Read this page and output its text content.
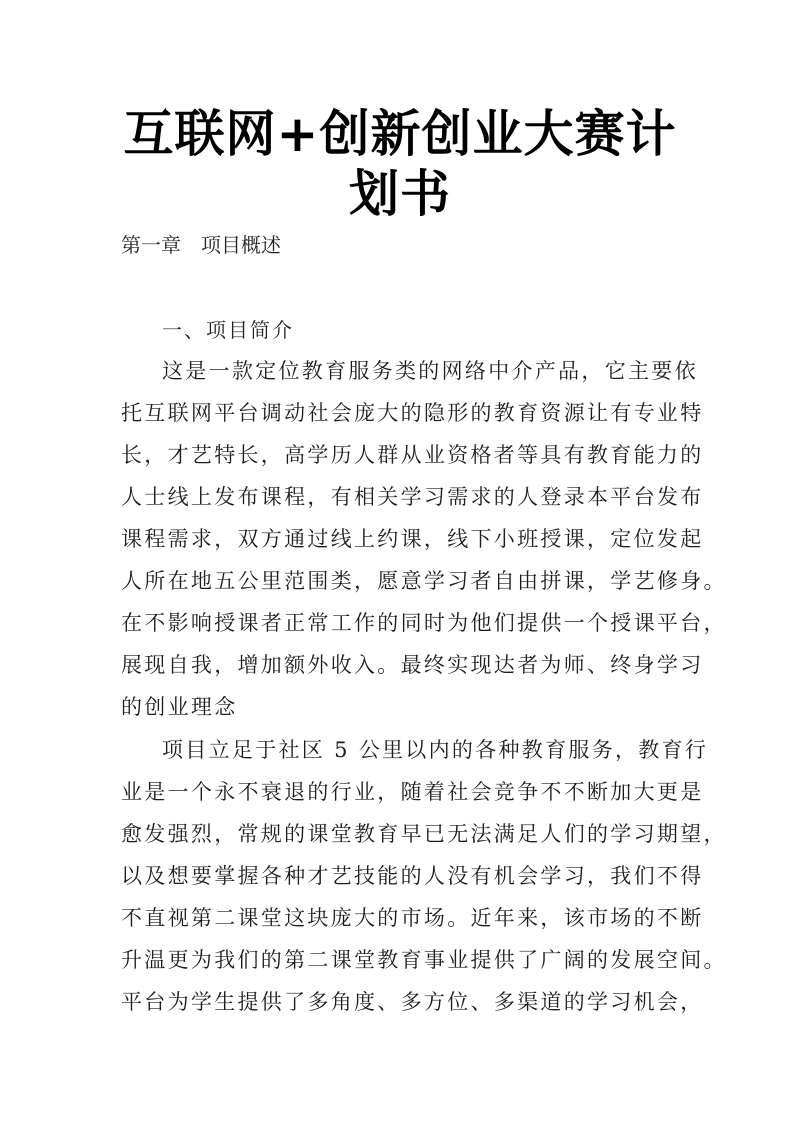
互联网+创新创业大赛计
划书
第一章　项目概述
一、项目简介
这是一款定位教育服务类的网络中介产品，它主要依
托互联网平台调动社会庞大的隐形的教育资源让有专业特
长，才艺特长，高学历人群从业资格者等具有教育能力的
人士线上发布课程，有相关学习需求的人登录本平台发布
课程需求，双方通过线上约课，线下小班授课，定位发起
人所在地五公里范围类，愿意学习者自由拼课，学艺修身。
在不影响授课者正常工作的同时为他们提供一个授课平台，
展现自我，增加额外收入。最终实现达者为师、终身学习
的创业理念
项目立足于社区 5 公里以内的各种教育服务，教育行
业是一个永不衰退的行业，随着社会竞争不不断加大更是
愈发强烈，常规的课堂教育早已无法满足人们的学习期望，
以及想要掌握各种才艺技能的人没有机会学习，我们不得
不直视第二课堂这块庞大的市场。近年来，该市场的不断
升温更为我们的第二课堂教育事业提供了广阔的发展空间。
平台为学生提供了多角度、多方位、多渠道的学习机会，
